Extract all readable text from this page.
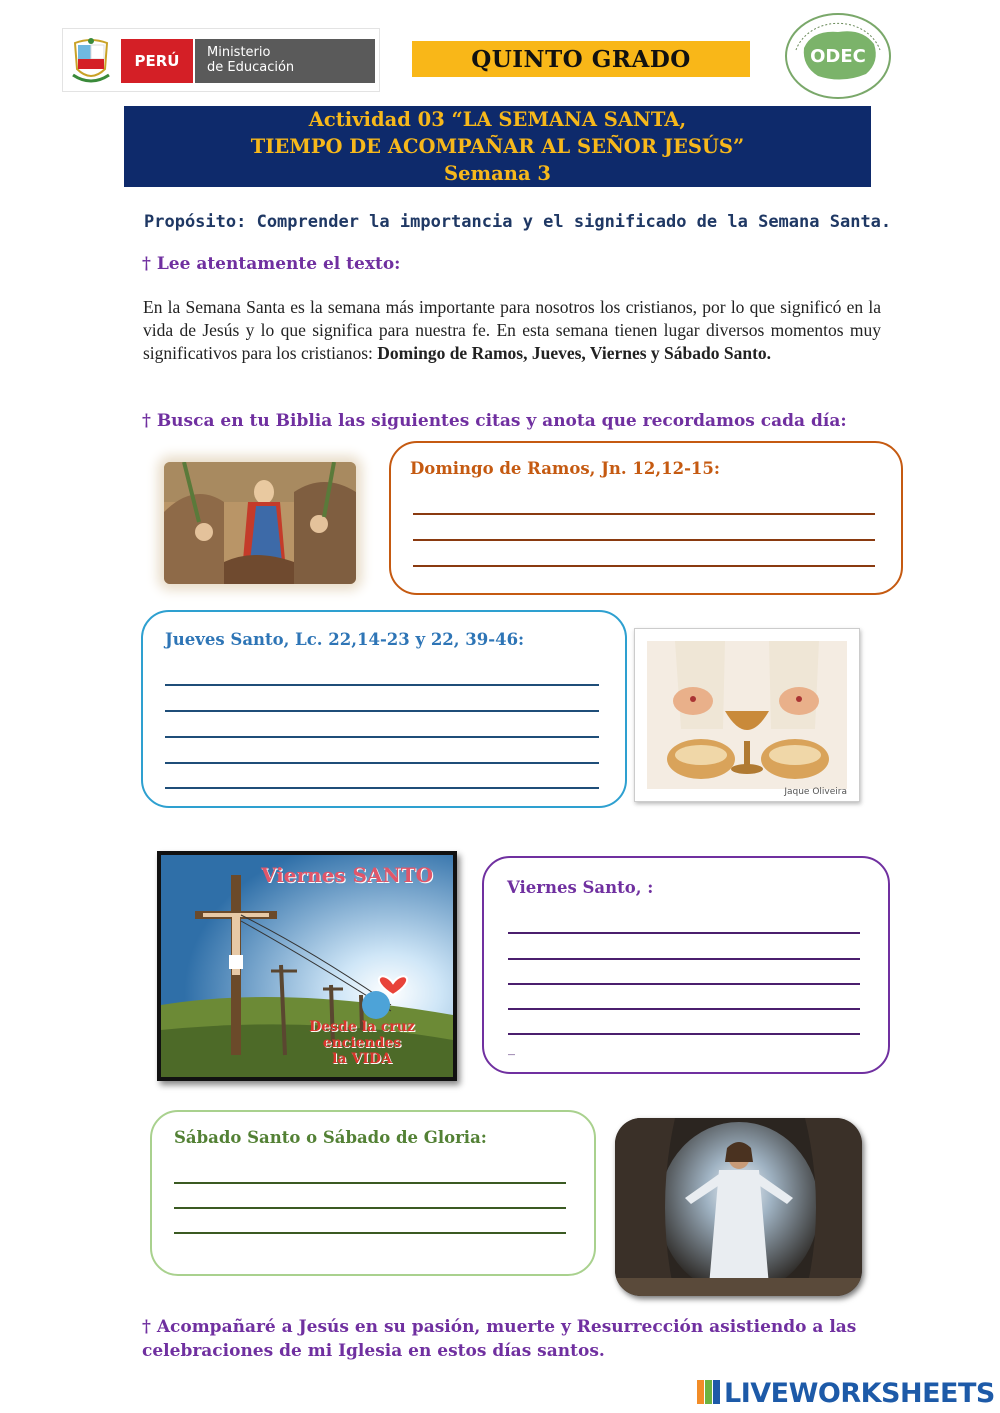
PERÚ	Ministerio
de Educación	QUINTO GRADO	ODEC
Actividad 03 “LA SEMANA SANTA,
TIEMPO DE ACOMPAÑAR AL SEÑOR JESÚS”
Semana 3
Propósito: Comprender la importancia y el significado de la Semana Santa.
† Lee atentamente el texto:
En la Semana Santa es la semana más importante para nosotros los cristianos, por lo que significó en la vida de Jesús y lo que significa para nuestra fe. En esta semana tienen lugar diversos momentos muy significativos para los cristianos: Domingo de Ramos, Jueves, Viernes y Sábado Santo.
† Busca en tu Biblia las siguientes citas y anota que recordamos cada día:
Domingo de Ramos, Jn. 12,12-15:
Jueves Santo, Lc. 22,14-23 y 22, 39-46:
Jaque Oliveira
Viernes SANTO
Desde la cruz
enciendes
la VIDA
Viernes Santo, :
_
Sábado Santo o Sábado de Gloria:
† Acompañaré a Jesús en su pasión, muerte y Resurrección asistiendo a las celebraciones de mi Iglesia en estos días santos.
LIVEWORKSHEETS
